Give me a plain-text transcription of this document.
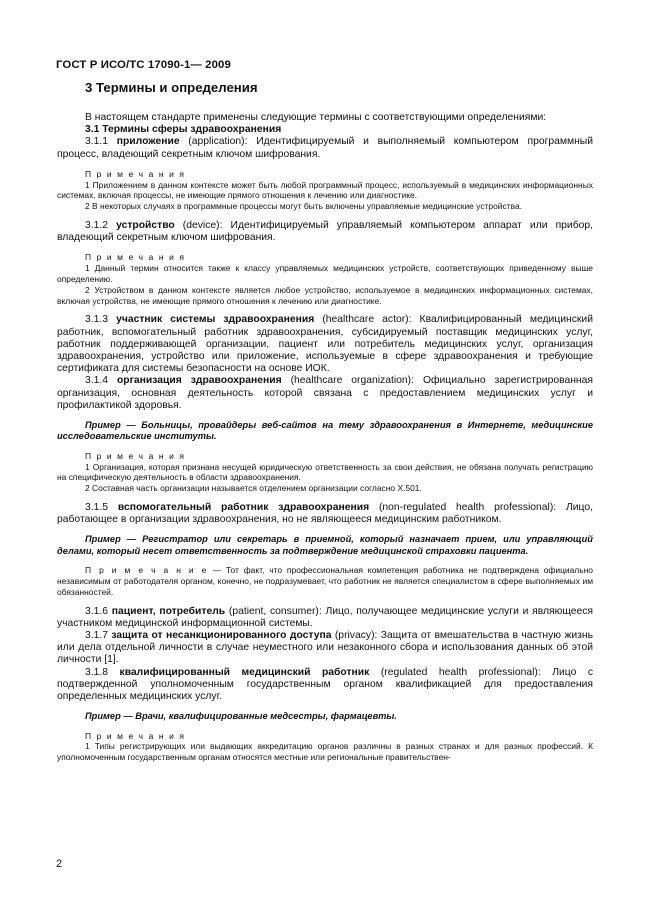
ГОСТ Р ИСО/ТС 17090-1— 2009
3 Термины и определения

В настоящем стандарте применены следующие термины с соответствующими определениями:

3.1 Термины сферы здравоохранения

3.1.1 приложение (application): Идентифицируемый и выполняемый компьютером программный процесс, владеющий секретным ключом шифрования.

П р и м е ч а н и я

1 Приложением в данном контексте может быть любой программный процесс, используемый в медицинских информационных системах, включая процессы, не имеющие прямого отношения к лечению или диагностике.

2 В некоторых случаях в программные процессы могут быть включены управляемые медицинские устройства.

3.1.2 устройство (device): Идентифицируемый управляемый компьютером аппарат или прибор, владеющий секретным ключом шифрования.

П р и м е ч а н и я

1 Данный термин относится также к классу управляемых медицинских устройств, соответствующих приведенному выше определению.

2 Устройством в данном контексте является любое устройство, используемое в медицинских информационных системах, включая устройства, не имеющие прямого отношения к лечению или диагностике.

3.1.3 участник системы здравоохранения (healthcare actor): Квалифицированный медицинский работник, вспомогательный работник здравоохранения, субсидируемый поставщик медицинских услуг, работник поддерживающей организации, пациент или потребитель медицинских услуг, организация здравоохранения, устройство или приложение, используемые в сфере здравоохранения и требующие сертификата для системы безопасности на основе ИОК.

3.1.4 организация здравоохранения (healthcare organization): Официально зарегистрированная организация, основная деятельность которой связана с предоставлением медицинских услуг и профилактикой здоровья.

Пример — Больницы, провайдеры веб-сайтов на тему здравоохранения в Интернете, медицинские исследовательские институты.

П р и м е ч а н и я

1 Организация, которая признана несущей юридическую ответственность за свои действия, не обязана получать регистрацию на специфическую деятельность в области здравоохранения.

2 Составная часть организации называется отделением организации согласно X.501.

3.1.5 вспомогательный работник здравоохранения (non-regulated health professional): Лицо, работающее в организации здравоохранения, но не являющееся медицинским работником.

Пример — Регистратор или секретарь в приемной, который назначает прием, или управляющий делами, который несет ответственность за подтверждение медицинской страховки пациента.

П р и м е ч а н и е — Тот факт, что профессиональная компетенция работника не подтверждена официально независимым от работодателя органом, конечно, не подразумевает, что работник не является специалистом в сфере выполняемых им обязанностей.

3.1.6 пациент, потребитель (patient, consumer): Лицо, получающее медицинские услуги и являющееся участником медицинской информационной системы.

3.1.7 защита от несанкционированного доступа (privacy): Защита от вмешательства в частную жизнь или дела отдельной личности в случае неуместного или незаконного сбора и использования данных об этой личности [1].

3.1.8 квалифицированный медицинский работник (regulated health professional): Лицо с подтвержденной уполномоченным государственным органом квалификацией для предоставления определенных медицинских услуг.

Пример — Врачи, квалифицированные медсестры, фармацевты.

П р и м е ч а н и я

1 Типы регистрирующих или выдающих аккредитацию органов различны в разных странах и для разных профессий. К уполномоченным государственным органам относятся местные или региональные правительствен-

2
